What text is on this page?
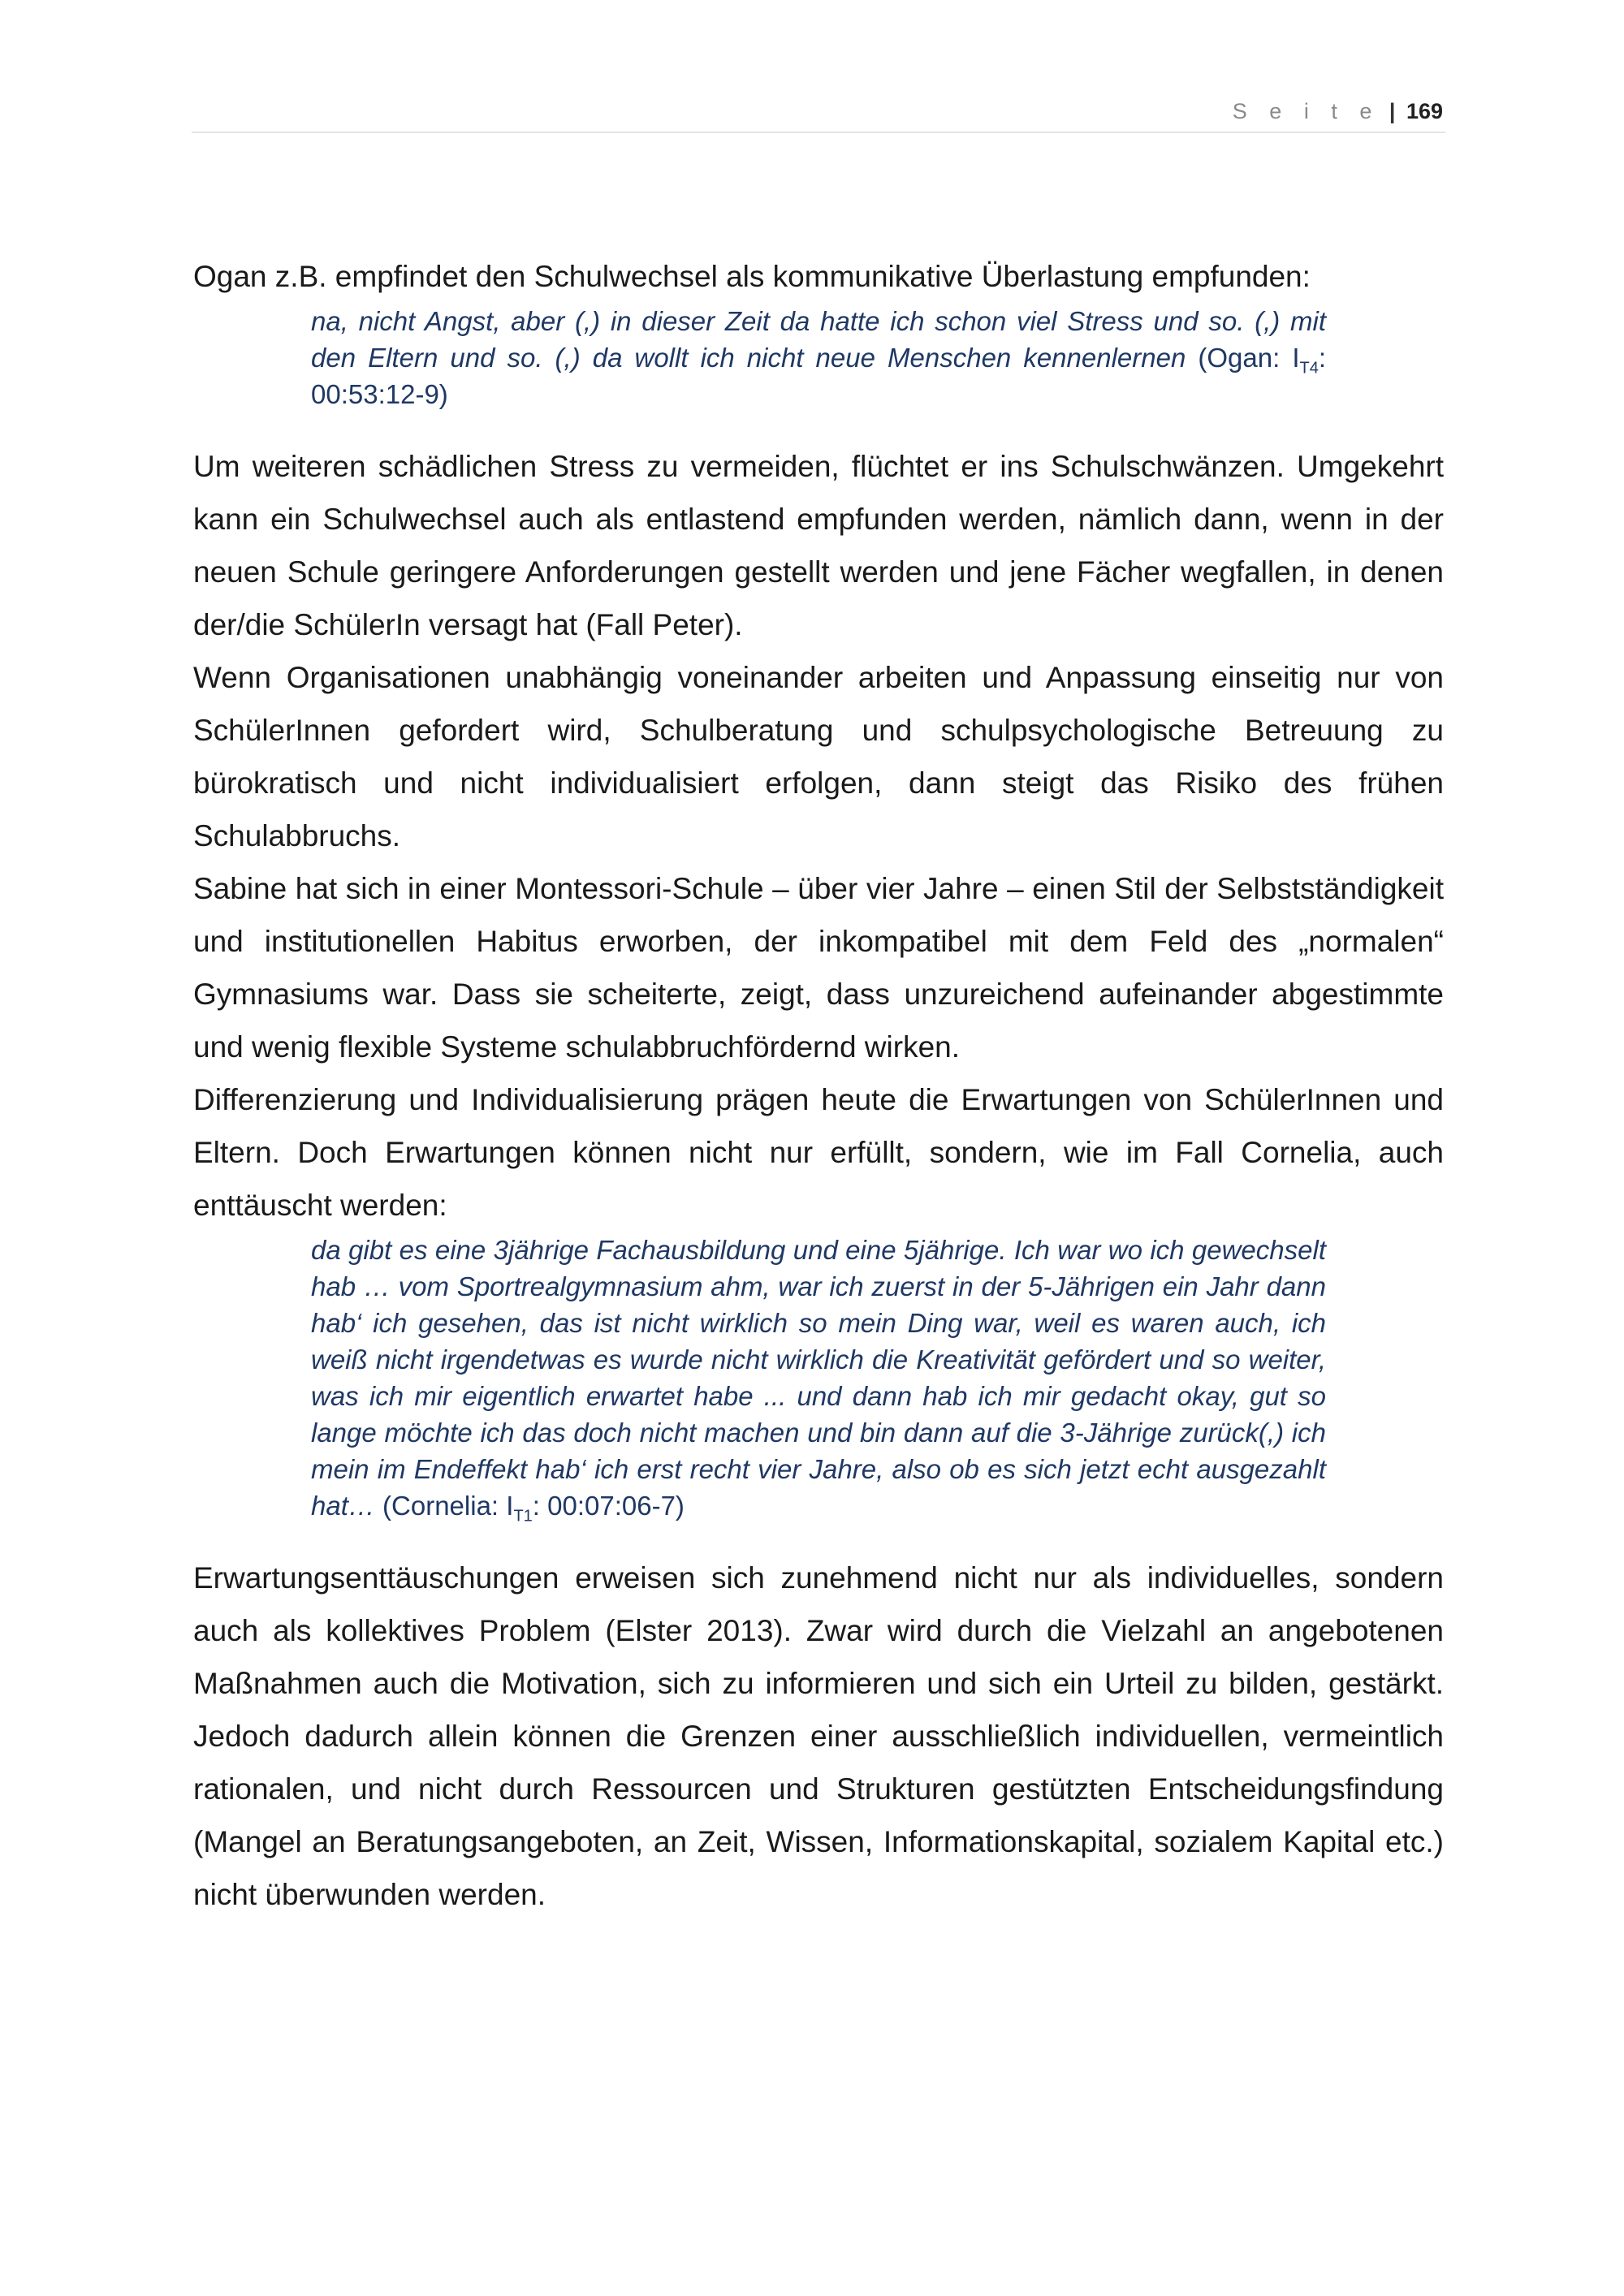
S e i t e | 169

Ogan z.B. empfindet den Schulwechsel als kommunikative Überlastung empfunden:

na, nicht Angst, aber (,) in dieser Zeit da hatte ich schon viel Stress und so. (,) mit den Eltern und so. (,) da wollt ich nicht neue Menschen kennenlernen (Ogan: $I_{T4}$: 00:53:12-9)

Um weiteren schädlichen Stress zu vermeiden, flüchtet er ins Schulschwänzen. Umgekehrt kann ein Schulwechsel auch als entlastend empfunden werden, nämlich dann, wenn in der neuen Schule geringere Anforderungen gestellt werden und jene Fächer wegfallen, in denen der/die SchülerIn versagt hat (Fall Peter).

Wenn Organisationen unabhängig voneinander arbeiten und Anpassung einseitig nur von SchülerInnen gefordert wird, Schulberatung und schulpsychologische Betreuung zu bürokratisch und nicht individualisiert erfolgen, dann steigt das Risiko des frühen Schulabbruchs.

Sabine hat sich in einer Montessori-Schule – über vier Jahre – einen Stil der Selbstständigkeit und institutionellen Habitus erworben, der inkompatibel mit dem Feld des „normalen“ Gymnasiums war. Dass sie scheiterte, zeigt, dass unzureichend aufeinander abgestimmte und wenig flexible Systeme schulabbruchfördernd wirken.

Differenzierung und Individualisierung prägen heute die Erwartungen von SchülerInnen und Eltern. Doch Erwartungen können nicht nur erfüllt, sondern, wie im Fall Cornelia, auch enttäuscht werden:

da gibt es eine 3jährige Fachausbildung und eine 5jährige. Ich war wo ich gewechselt hab … vom Sportrealgymnasium ahm, war ich zuerst in der 5-Jährigen ein Jahr dann hab‘ ich gesehen, das ist nicht wirklich so mein Ding war, weil es waren auch, ich weiß nicht irgendetwas es wurde nicht wirklich die Kreativität gefördert und so weiter, was ich mir eigentlich erwartet habe ... und dann hab ich mir gedacht okay, gut so lange möchte ich das doch nicht machen und bin dann auf die 3-Jährige zurück(,) ich mein im Endeffekt hab‘ ich erst recht vier Jahre, also ob es sich jetzt echt ausgezahlt hat… (Cornelia: $I_{T1}$: 00:07:06-7)

Erwartungsenttäuschungen erweisen sich zunehmend nicht nur als individuelles, sondern auch als kollektives Problem (Elster 2013). Zwar wird durch die Vielzahl an angebotenen Maßnahmen auch die Motivation, sich zu informieren und sich ein Urteil zu bilden, gestärkt. Jedoch dadurch allein können die Grenzen einer ausschließlich individuellen, vermeintlich rationalen, und nicht durch Ressourcen und Strukturen gestützten Entscheidungsfindung (Mangel an Beratungsangeboten, an Zeit, Wissen, Informationskapital, sozialem Kapital etc.) nicht überwunden werden.
